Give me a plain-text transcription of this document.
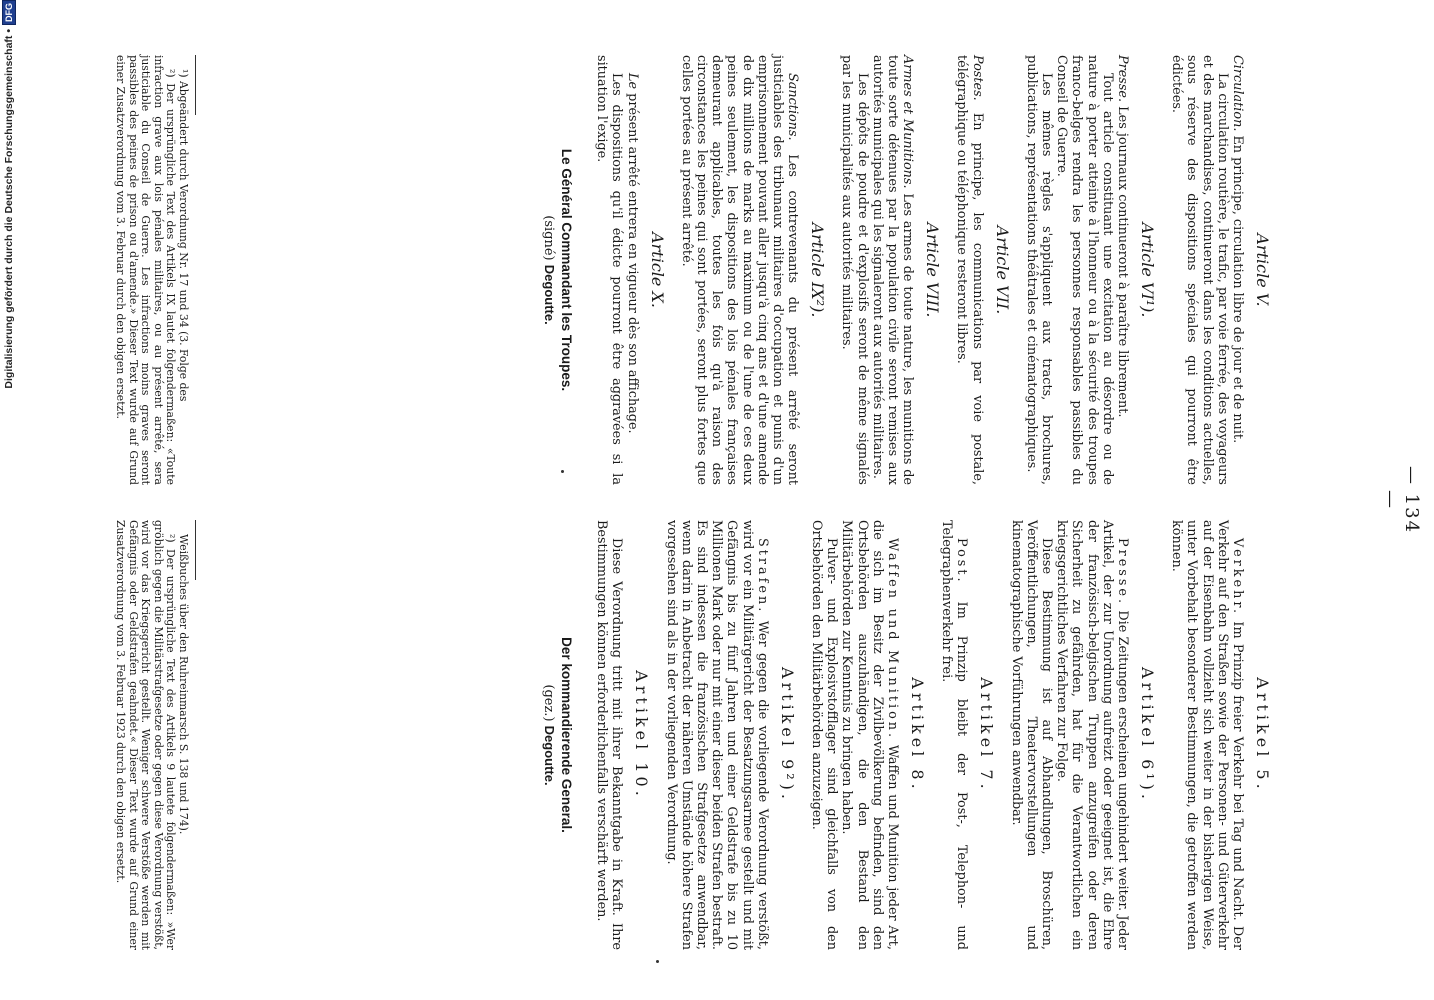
— 134 —
Article V.

Circulation. En principe, circulation libre de jour et de nuit.

La circulation routière, le trafic, par voie ferrée, des voyageurs et des marchandises, continueront dans les conditions actuelles, sous réserve des dispositions spéciales qui pourront être édictées.

Article VI¹).

Presse. Les journaux continueront à paraître librement.

Tout article constituant une excitation au désordre ou de nature à porter atteinte à l'honneur ou à la sécurité des troupes franco-belges rendra les personnes responsables passibles du Conseil de Guerre.

Les mêmes règles s'appliquent aux tracts, brochures, publications, représentations théâtrales et cinématographiques.

Article VII.

Postes. En principe, les communications par voie postale, télégraphique ou téléphonique resteront libres.

Article VIII.

Armes et Munitions. Les armes de toute nature, les munitions de toute sorte détenues par la population civile seront remises aux autorités municipales qui les signaleront aux autorités militaires.

Les dépôts de poudre et d'explosifs seront de même signalés par les municipalités aux autorités militaires.

Article IX²).

Sanctions. Les contrevenants du présent arrêté seront justiciables des tribunaux militaires d'occupation et punis d'un emprisonnement pouvant aller jusqu'à cinq ans et d'une amende de dix millions de marks au maximum ou de l'une de ces deux peines seulement, les dispositions des lois pénales françaises demeurant applicables, toutes les fois qu'à raison des circonstances les peines qui sont portées, seront plus fortes que celles portées au présent arrêté.

Article X.

Le présent arrêté entrera en vigueur dès son affichage.

Les dispositions qu'il édicte pourront être aggravées si la situation l'exige.

Le Général Commandant les Troupes.
(signé) Degoutte.
Artikel 5.

Verkehr. Im Prinzip freier Verkehr bei Tag und Nacht. Der Verkehr auf den Straßen sowie der Personen- und Güterverkehr auf der Eisenbahn vollzieht sich weiter in der bisherigen Weise, unter Vorbehalt besonderer Bestimmungen, die getroffen werden können.

Artikel 6¹).

Presse. Die Zeitungen erscheinen ungehindert weiter. Jeder Artikel, der zur Unordnung aufreizt oder geeignet ist, die Ehre der französisch-belgischen Truppen anzugreifen oder deren Sicherheit zu gefährden, hat für die Verantwortlichen ein kriegsgerichtliches Verfahren zur Folge.

Diese Bestimmung ist auf Abhandlungen, Broschüren, Veröffentlichungen, Theatervorstellungen und kinematographische Vorführungen anwendbar.

Artikel 7.

Post. Im Prinzip bleibt der Post-, Telephon- und Telegraphenverkehr frei.

Artikel 8.

Waffen und Munition. Waffen und Munition jeder Art, die sich im Besitz der Zivilbevölkerung befinden, sind den Ortsbehörden auszuhändigen, die den Bestand den Militärbehörden zur Kenntnis zu bringen haben.

Pulver- und Explosivstofflager sind gleichfalls von den Ortsbehörden den Militärbehörden anzuzeigen.

Artikel 9²).

Strafen. Wer gegen die vorliegende Verordnung verstößt, wird vor ein Militärgericht der Besatzungsarmee gestellt und mit Gefängnis bis zu fünf Jahren und einer Geldstrafe bis zu 10 Millionen Mark oder nur mit einer dieser beiden Strafen bestraft. Es sind indessen die französischen Strafgesetze anwendbar, wenn darin in Anbetracht der näheren Umstände höhere Strafen vorgesehen sind als in der vorliegenden Verordnung.

Artikel 10.

Diese Verordnung tritt mit ihrer Bekanntgabe in Kraft. Ihre Bestimmungen können erforderlichenfalls verschärft werden.

Der kommandierende General.
(gez.) Degoutte.

¹) Abgeändert durch Verordnung Nr. 17 und 34 (3. Folge des

²) Der ursprüngliche Text des Artikels IX lautet folgendermaßen: «Toute infraction grave aux lois pénales militaires, ou au présent arrêté, sera justiciable du Conseil de Guerre. Les infractions moins graves seront passibles des peines de prison ou d'amende.» Dieser Text wurde auf Grund einer Zusatzverordnung vom 3. Februar durch den obigen ersetzt.

Weißbuches über den Ruhreinmarsch S. 138 und 174).

²) Der ursprüngliche Text des Artikels 9 lautete folgendermaßen: »Wer gröblich gegen die Militärstrafgesetze oder gegen diese Verordnung verstößt, wird vor das Kriegsgericht gestellt. Weniger schwere Verstöße werden mit Gefängnis oder Geldstrafen geahndet.« Dieser Text wurde auf Grund einer Zusatzverordnung vom 3. Februar 1923 durch den obigen ersetzt.

Digitalisierung gefördert durch die Deutsche Forschungsgemeinschaft •
DFG
